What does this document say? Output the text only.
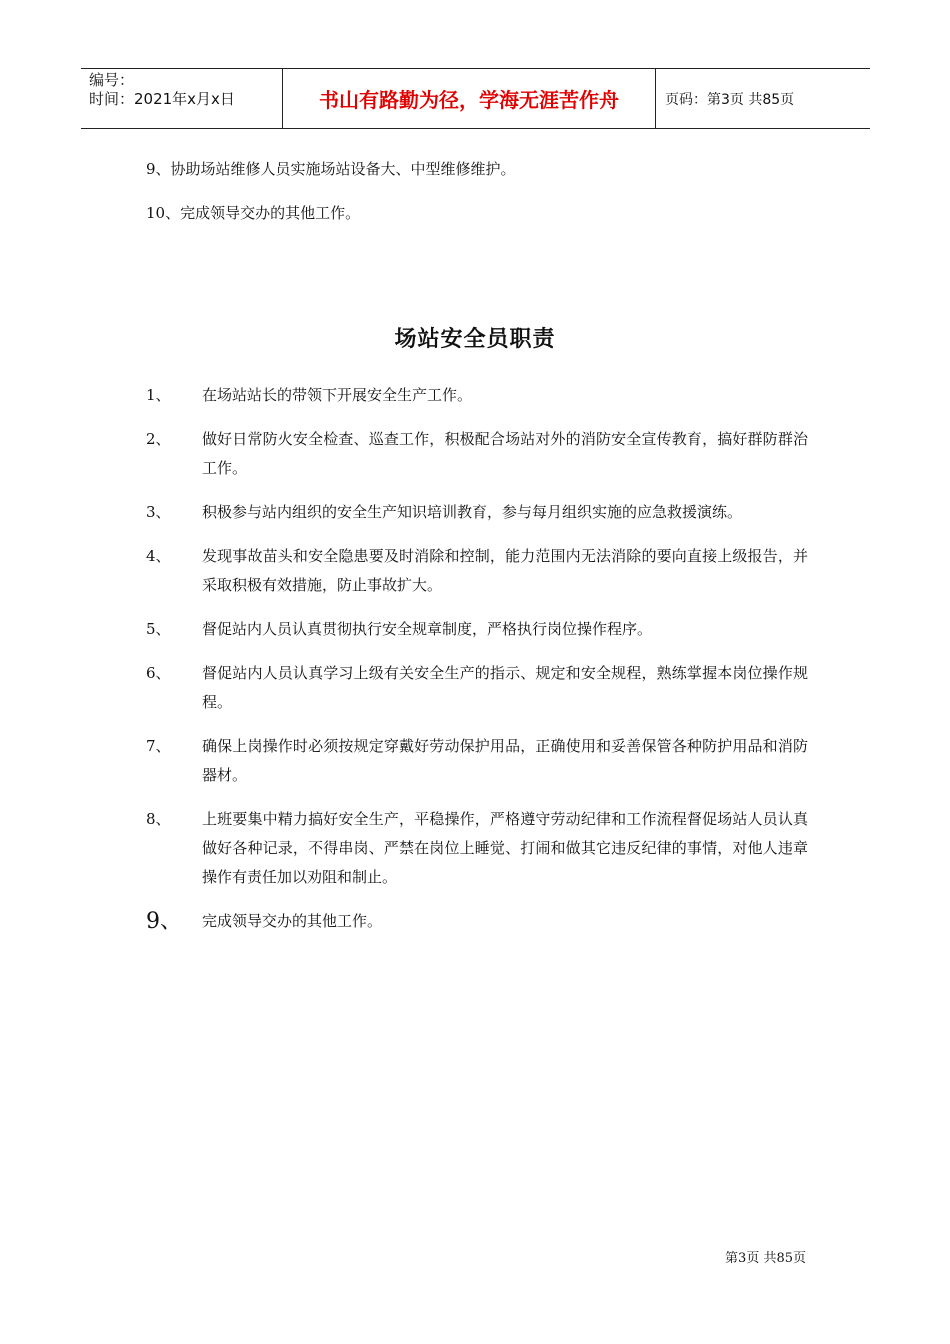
编号：
时间：2021年x月x日	书山有路勤为径，学海无涯苦作舟	页码：第3页 共85页
9、协助场站维修人员实施场站设备大、中型维修维护。
10、完成领导交办的其他工作。
场站安全员职责
1、	在场站站长的带领下开展安全生产工作。
2、	做好日常防火安全检查、巡查工作，积极配合场站对外的消防安全宣传教育，搞好群防群治工作。
3、	积极参与站内组织的安全生产知识培训教育，参与每月组织实施的应急救援演练。
4、	发现事故苗头和安全隐患要及时消除和控制，能力范围内无法消除的要向直接上级报告，并采取积极有效措施，防止事故扩大。
5、	督促站内人员认真贯彻执行安全规章制度，严格执行岗位操作程序。
6、	督促站内人员认真学习上级有关安全生产的指示、规定和安全规程，熟练掌握本岗位操作规程。
7、	确保上岗操作时必须按规定穿戴好劳动保护用品，正确使用和妥善保管各种防护用品和消防器材。
8、	上班要集中精力搞好安全生产，平稳操作，严格遵守劳动纪律和工作流程督促场站人员认真做好各种记录，不得串岗、严禁在岗位上睡觉、打闹和做其它违反纪律的事情，对他人违章操作有责任加以劝阻和制止。
9、	完成领导交办的其他工作。
第3页 共85页
